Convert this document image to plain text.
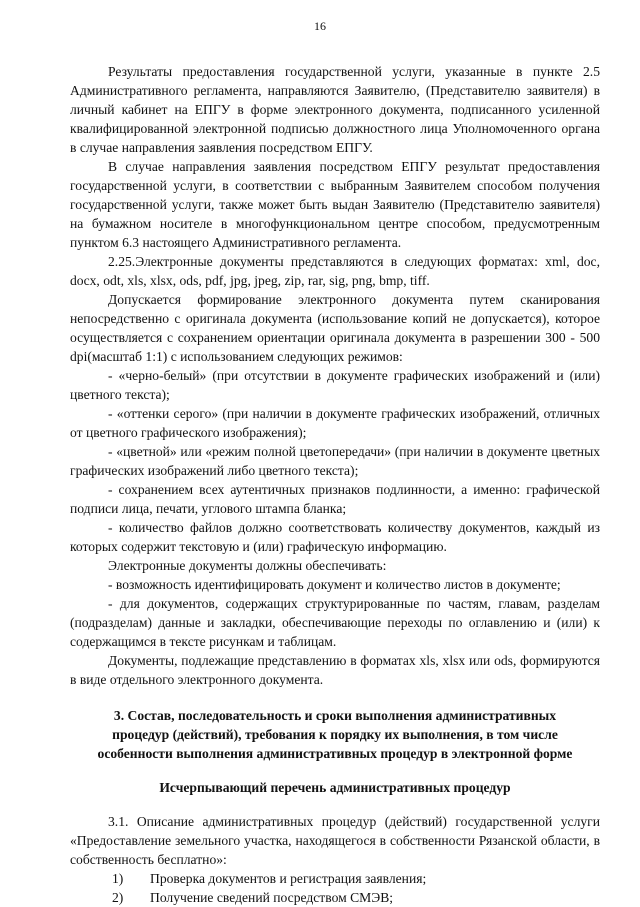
16

Результаты предоставления государственной услуги, указанные в пункте 2.5 Административного регламента, направляются Заявителю, (Представителю заявителя) в личный кабинет на ЕПГУ в форме электронного документа, подписанного усиленной квалифицированной электронной подписью должностного лица Уполномоченного органа в случае направления заявления посредством ЕПГУ.

В случае направления заявления посредством ЕПГУ результат предоставления государственной услуги, в соответствии с выбранным Заявителем способом получения государственной услуги, также может быть выдан Заявителю (Представителю заявителя) на бумажном носителе в многофункциональном центре способом, предусмотренным пунктом 6.3 настоящего Административного регламента.

2.25.Электронные документы представляются в следующих форматах: xml, doc, docx, odt, xls, xlsx, ods, pdf, jpg, jpeg, zip, rar, sig, png, bmp, tiff.

Допускается формирование электронного документа путем сканирования непосредственно с оригинала документа (использование копий не допускается), которое осуществляется с сохранением ориентации оригинала документа в разрешении 300 - 500 dpi(масштаб 1:1) с использованием следующих режимов:

- «черно-белый» (при отсутствии в документе графических изображений и (или) цветного текста);

- «оттенки серого» (при наличии в документе графических изображений, отличных от цветного графического изображения);

- «цветной» или «режим полной цветопередачи» (при наличии в документе цветных графических изображений либо цветного текста);

- сохранением всех аутентичных признаков подлинности, а именно: графической подписи лица, печати, углового штампа бланка;

- количество файлов должно соответствовать количеству документов, каждый из которых содержит текстовую и (или) графическую информацию.

Электронные документы должны обеспечивать:

- возможность идентифицировать документ и количество листов в документе;

- для документов, содержащих структурированные по частям, главам, разделам (подразделам) данные и закладки, обеспечивающие переходы по оглавлению и (или) к содержащимся в тексте рисункам и таблицам.

Документы, подлежащие представлению в форматах xls, xlsx или ods, формируются в виде отдельного электронного документа.

3. Состав, последовательность и сроки выполнения административных
процедур (действий), требования к порядку их выполнения, в том числе
особенности выполнения административных процедур в электронной форме
Исчерпывающий перечень административных процедур

3.1. Описание административных процедур (действий) государственной услуги «Предоставление земельного участка, находящегося в собственности Рязанской области, в собственность бесплатно»:

1)	Проверка документов и регистрация заявления;
2)	Получение сведений посредством СМЭВ;
